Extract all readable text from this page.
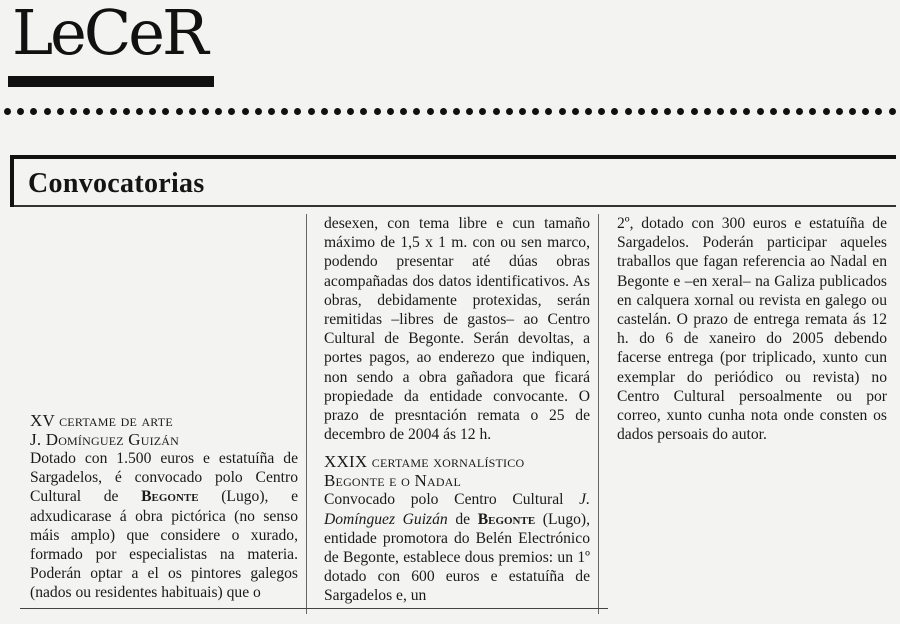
LeCeR
Convocatorias
XV certame de arte
J. Domínguez Guizán

Dotado con 1.500 euros e estatuíña de Sargadelos, é convocado polo Centro Cultural de Begonte (Lugo), e adxudicarase á obra pictórica (no senso máis amplo) que considere o xurado, formado por especialistas na materia. Poderán optar a el os pintores galegos (nados ou residentes habituais) que o

desexen, con tema libre e cun tamaño máximo de 1,5 x 1 m. con ou sen marco, podendo presentar até dúas obras acompañadas dos datos identificativos. As obras, debidamente protexidas, serán remitidas –libres de gastos– ao Centro Cultural de Begonte. Serán devoltas, a portes pagos, ao enderezo que indiquen, non sendo a obra gañadora que ficará propiedade da entidade convocante. O prazo de presntación remata o 25 de decembro de 2004 ás 12 h.

XXIX certame xornalístico
Begonte e o Nadal

Convocado polo Centro Cultural J. Domínguez Guizán de Begonte (Lugo), entidade promotora do Belén Electrónico de Begonte, establece dous premios: un 1º dotado con 600 euros e estatuíña de Sargadelos e, un

2º, dotado con 300 euros e estatuíña de Sargadelos. Poderán participar aqueles traballos que fagan referencia ao Nadal en Begonte e –en xeral– na Galiza publicados en calquera xornal ou revista en galego ou castelán. O prazo de entrega remata ás 12 h. do 6 de xaneiro do 2005 debendo facerse entrega (por triplicado, xunto cun exemplar do periódico ou revista) no Centro Cultural persoalmente ou por correo, xunto cunha nota onde consten os dados persoais do autor.
